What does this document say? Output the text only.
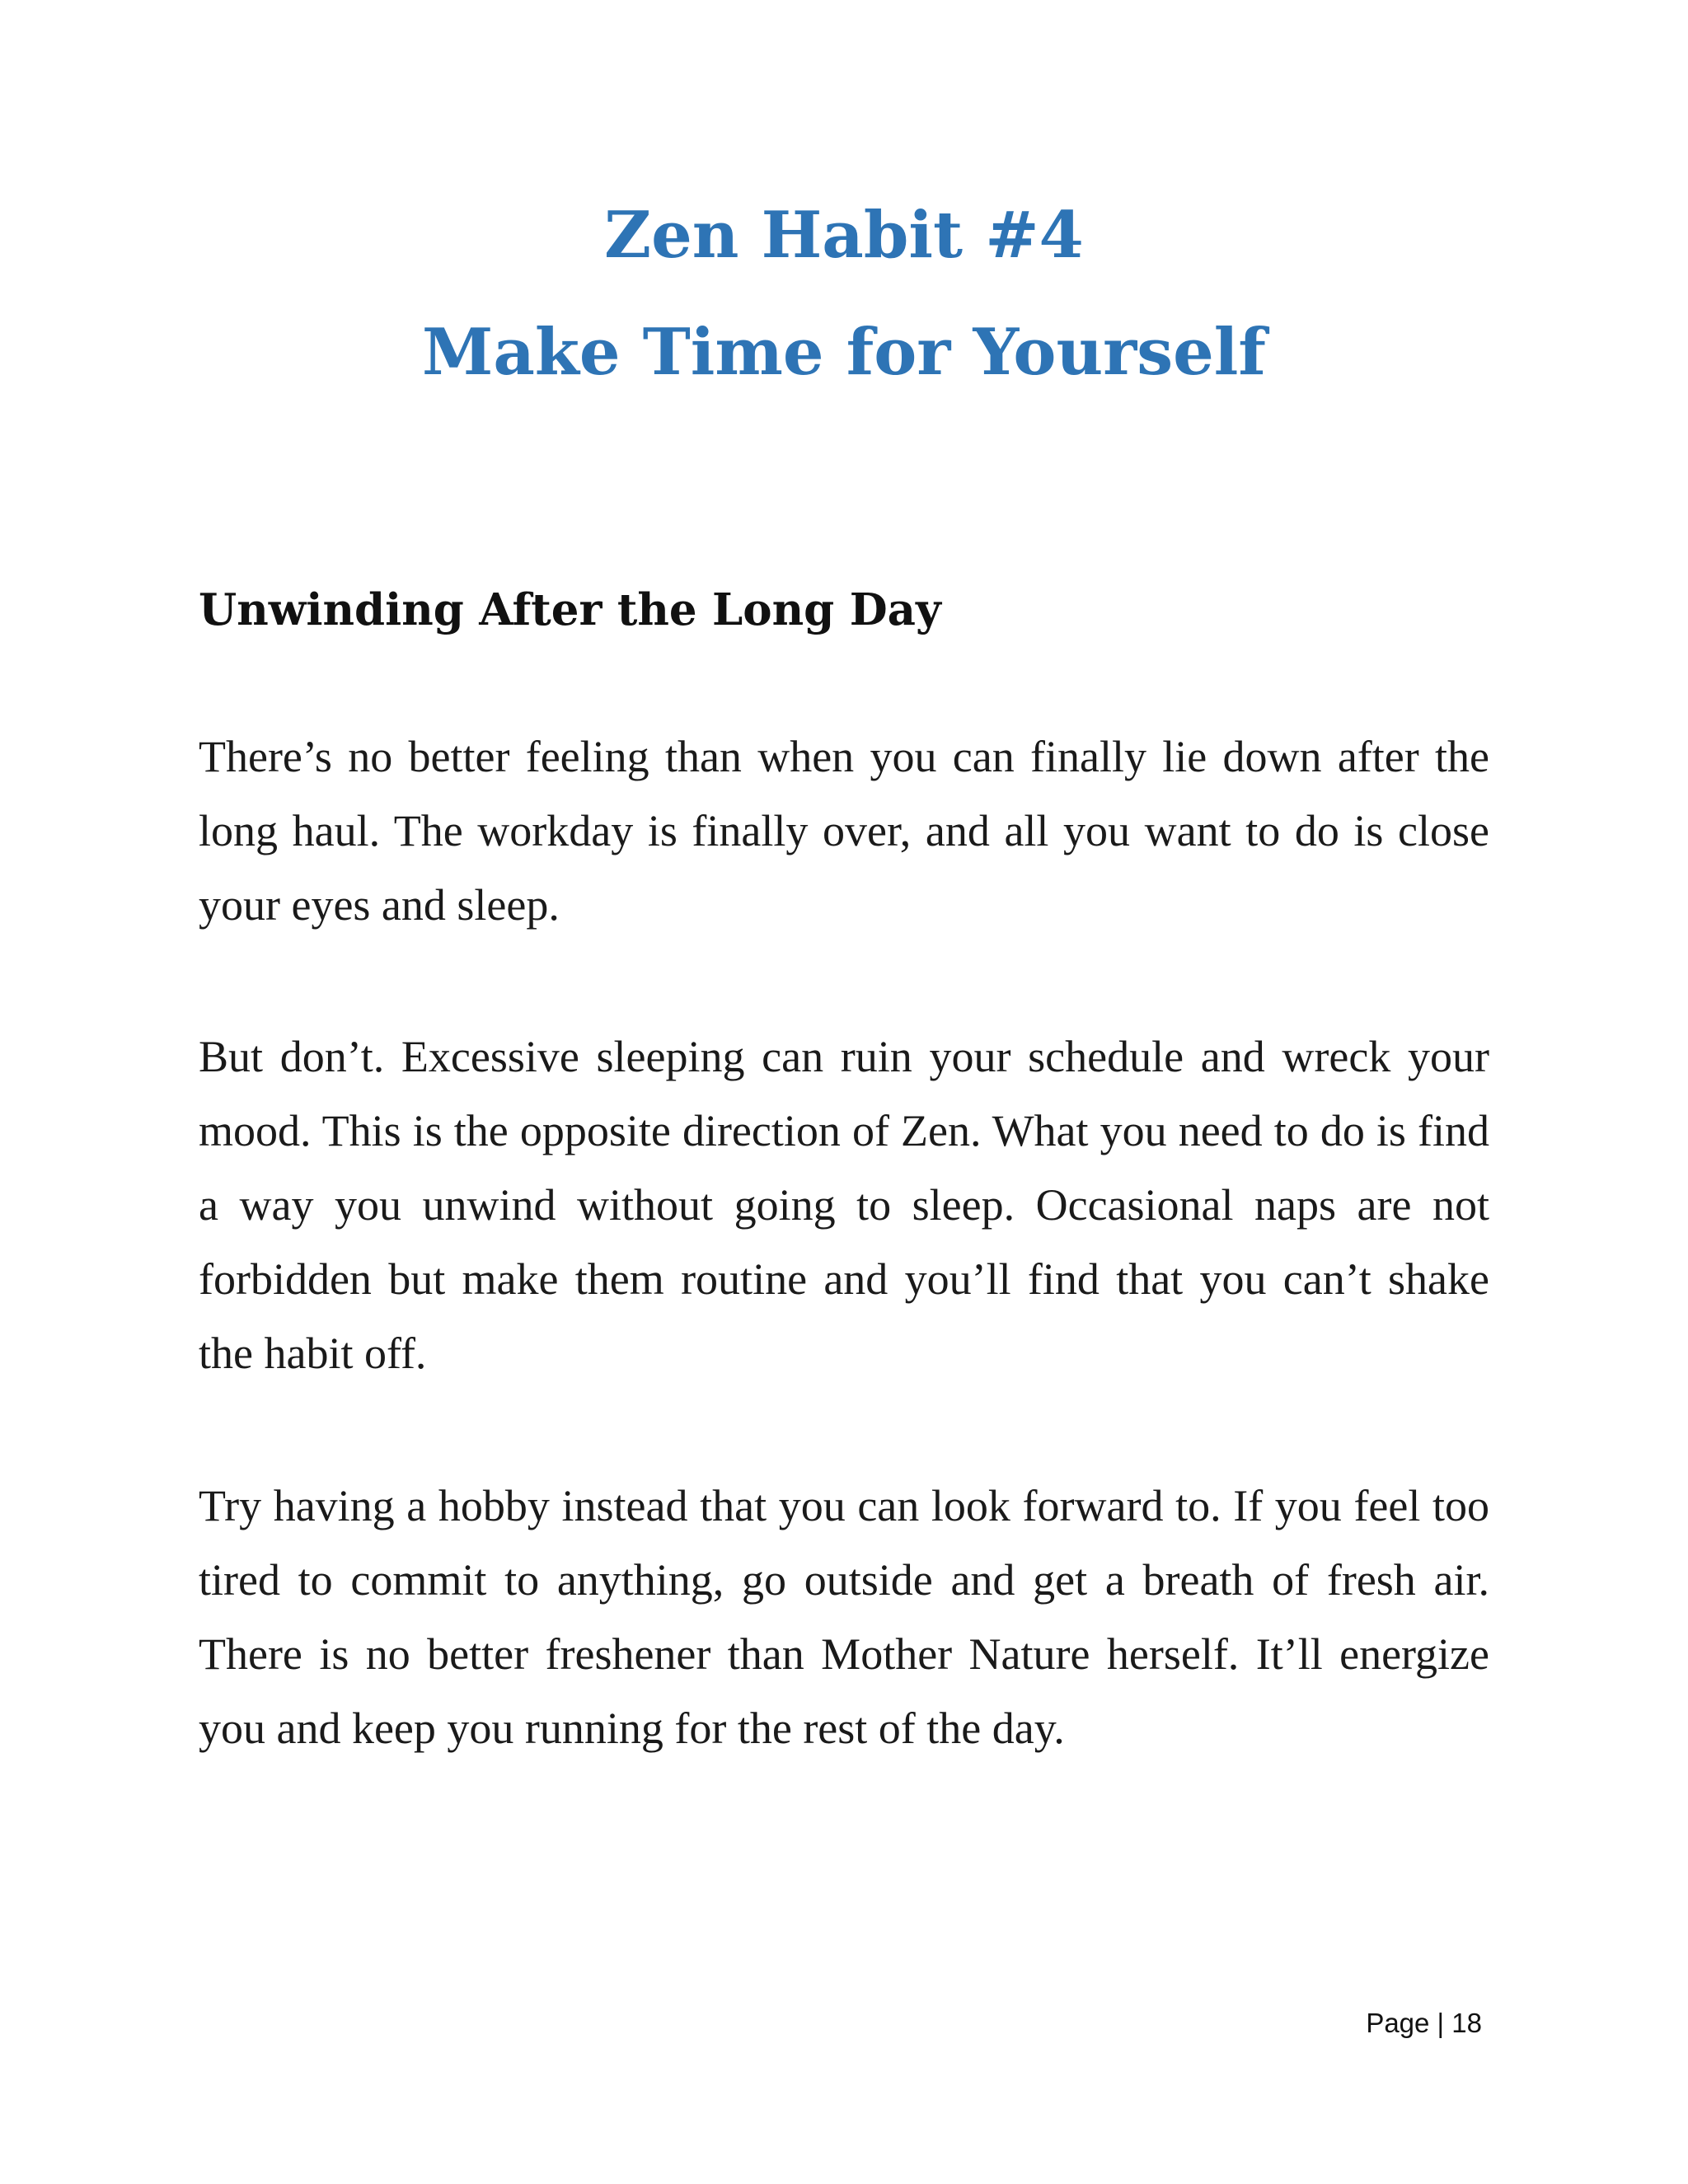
Zen Habit #4
Make Time for Yourself
Unwinding After the Long Day

There’s no better feeling than when you can finally lie down after the long haul. The workday is finally over, and all you want to do is close your eyes and sleep.

But don’t. Excessive sleeping can ruin your schedule and wreck your mood. This is the opposite direction of Zen. What you need to do is find a way you unwind without going to sleep. Occasional naps are not forbidden but make them routine and you’ll find that you can’t shake the habit off.

Try having a hobby instead that you can look forward to. If you feel too tired to commit to anything, go outside and get a breath of fresh air. There is no better freshener than Mother Nature herself. It’ll energize you and keep you running for the rest of the day.

Page | 18
